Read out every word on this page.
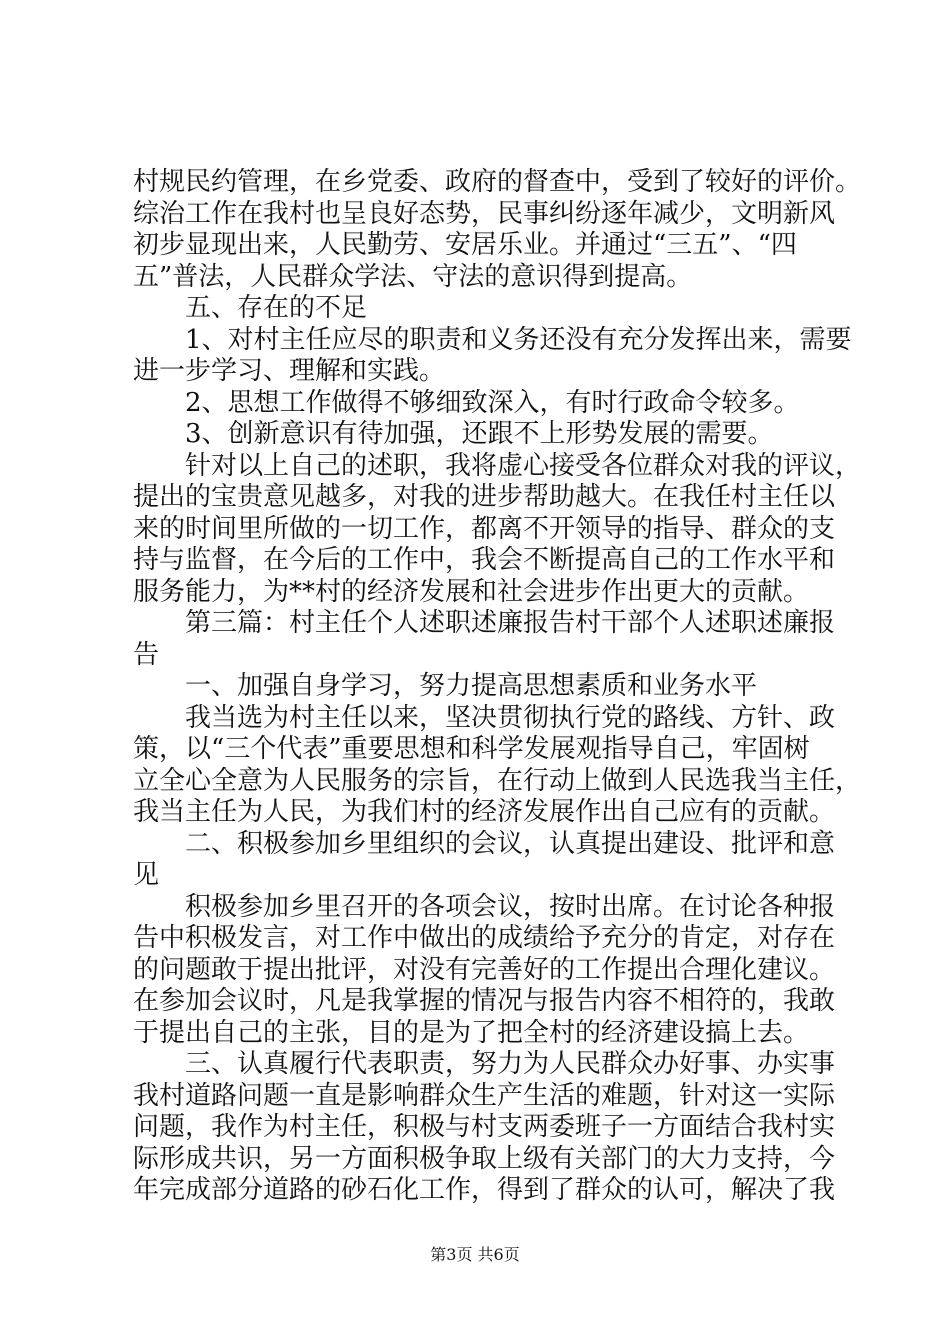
村规民约管理，在乡党委、政府的督查中，受到了较好的评价。
综治工作在我村也呈良好态势，民事纠纷逐年减少，文明新风
初步显现出来，人民勤劳、安居乐业。并通过“三五”、“四
五”普法，人民群众学法、守法的意识得到提高。
五、存在的不足
1、对村主任应尽的职责和义务还没有充分发挥出来，需要
进一步学习、理解和实践。
2、思想工作做得不够细致深入，有时行政命令较多。
3、创新意识有待加强，还跟不上形势发展的需要。
针对以上自己的述职，我将虚心接受各位群众对我的评议，
提出的宝贵意见越多，对我的进步帮助越大。在我任村主任以
来的时间里所做的一切工作，都离不开领导的指导、群众的支
持与监督，在今后的工作中，我会不断提高自己的工作水平和
服务能力，为**村的经济发展和社会进步作出更大的贡献。
第三篇：村主任个人述职述廉报告村干部个人述职述廉报
告
一、加强自身学习，努力提高思想素质和业务水平
我当选为村主任以来，坚决贯彻执行党的路线、方针、政
策，以“三个代表”重要思想和科学发展观指导自己，牢固树
立全心全意为人民服务的宗旨，在行动上做到人民选我当主任，
我当主任为人民，为我们村的经济发展作出自己应有的贡献。
二、积极参加乡里组织的会议，认真提出建设、批评和意
见
积极参加乡里召开的各项会议，按时出席。在讨论各种报
告中积极发言，对工作中做出的成绩给予充分的肯定，对存在
的问题敢于提出批评，对没有完善好的工作提出合理化建议。
在参加会议时，凡是我掌握的情况与报告内容不相符的，我敢
于提出自己的主张，目的是为了把全村的经济建设搞上去。
三、认真履行代表职责，努力为人民群众办好事、办实事
我村道路问题一直是影响群众生产生活的难题，针对这一实际
问题，我作为村主任，积极与村支两委班子一方面结合我村实
际形成共识，另一方面积极争取上级有关部门的大力支持，今
年完成部分道路的砂石化工作，得到了群众的认可，解决了我
第3页 共6页
